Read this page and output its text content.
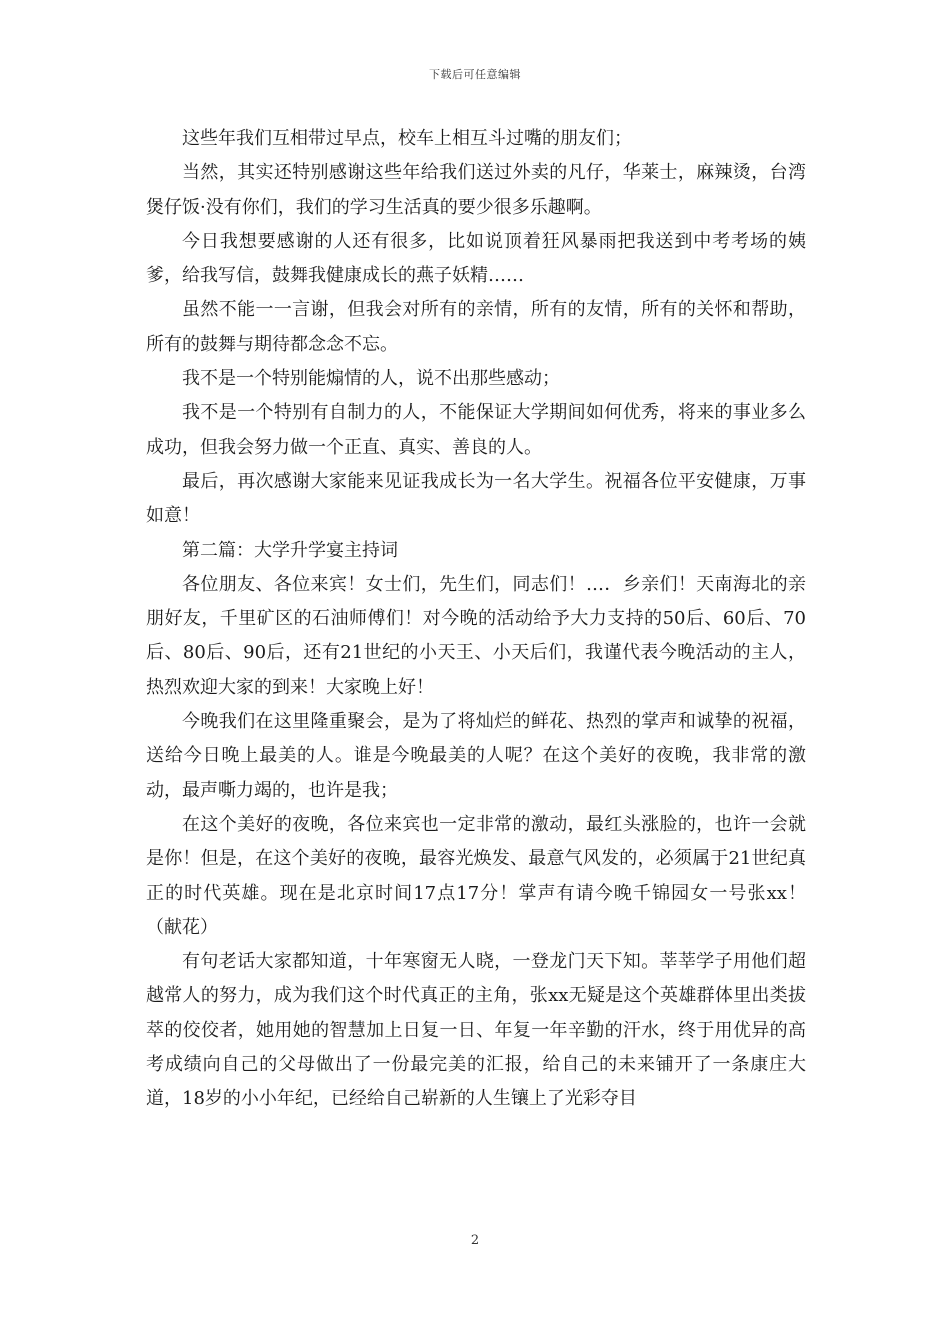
下载后可任意编辑

这些年我们互相带过早点，校车上相互斗过嘴的朋友们；

当然，其实还特别感谢这些年给我们送过外卖的凡仔，华莱士，麻辣烫，台湾煲仔饭·没有你们，我们的学习生活真的要少很多乐趣啊。

今日我想要感谢的人还有很多，比如说顶着狂风暴雨把我送到中考考场的姨爹，给我写信，鼓舞我健康成长的燕子妖精……

虽然不能一一言谢，但我会对所有的亲情，所有的友情，所有的关怀和帮助，所有的鼓舞与期待都念念不忘。

我不是一个特别能煽情的人，说不出那些感动；

我不是一个特别有自制力的人，不能保证大学期间如何优秀，将来的事业多么成功，但我会努力做一个正直、真实、善良的人。

最后，再次感谢大家能来见证我成长为一名大学生。祝福各位平安健康，万事如意！

第二篇：大学升学宴主持词

各位朋友、各位来宾！女士们，先生们，同志们！…．乡亲们！天南海北的亲朋好友，千里矿区的石油师傅们！对今晚的活动给予大力支持的50后、60后、70后、80后、90后，还有21世纪的小天王、小天后们，我谨代表今晚活动的主人，热烈欢迎大家的到来！大家晚上好！

今晚我们在这里隆重聚会，是为了将灿烂的鲜花、热烈的掌声和诚挚的祝福，送给今日晚上最美的人。谁是今晚最美的人呢？在这个美好的夜晚，我非常的激动，最声嘶力竭的，也许是我；

在这个美好的夜晚，各位来宾也一定非常的激动，最红头涨脸的，也许一会就是你！但是，在这个美好的夜晚，最容光焕发、最意气风发的，必须属于21世纪真正的时代英雄。现在是北京时间17点17分！掌声有请今晚千锦园女一号张xx！（献花）

有句老话大家都知道，十年寒窗无人晓，一登龙门天下知。莘莘学子用他们超越常人的努力，成为我们这个时代真正的主角，张xx无疑是这个英雄群体里出类拔萃的佼佼者，她用她的智慧加上日复一日、年复一年辛勤的汗水，终于用优异的高考成绩向自己的父母做出了一份最完美的汇报，给自己的未来铺开了一条康庄大道，18岁的小小年纪，已经给自己崭新的人生镶上了光彩夺目

2
